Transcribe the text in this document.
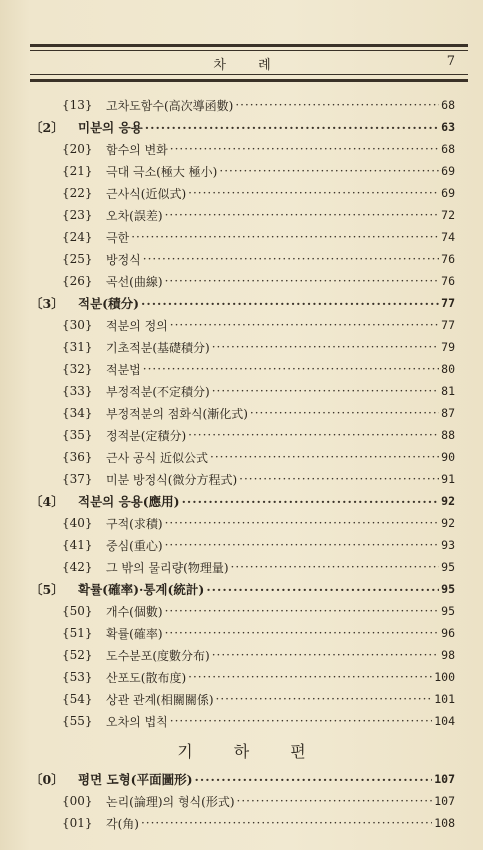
차 례	7
{13}	고차도함수(高次導函數) ·····	68
〔2〕	미분의 응용 ·····	63
{20}	함수의 변화 ·····	68
{21}	극대 극소(極大 極小) ·····	69
{22}	근사식(近似式) ·····	69
{23}	오차(誤差) ·····	72
{24}	극한 ·····	74
{25}	방정식 ·····	76
{26}	곡선(曲線) ·····	76
〔3〕	적분(積分) ·····	77
{30}	적분의 정의 ·····	77
{31}	기초적분(基礎積分) ·····	79
{32}	적분법 ·····	80
{33}	부정적분(不定積分) ·····	81
{34}	부정적분의 점화식(漸化式) ·····	87
{35}	정적분(定積分) ·····	88
{36}	근사 공식 近似公式 ·····	90
{37}	미분 방정식(微分方程式) ·····	91
〔4〕	적분의 응용(應用) ·····	92
{40}	구적(求積) ·····	92
{41}	중심(重心) ·····	93
{42}	그 밖의 물리량(物理量) ·····	95
〔5〕	확률(確率)·통계(統計) ·····	95
{50}	개수(個數) ·····	95
{51}	확률(確率) ·····	96
{52}	도수분포(度數分布) ·····	98
{53}	산포도(散布度) ·····	100
{54}	상관 관계(相關關係) ·····	101
{55}	오차의 법칙 ·····	104
기 하 편
〔0〕	평면 도형(平面圖形) ·····	107
{00}	논리(論理)의 형식(形式) ·····	107
{01}	각(角) ·····	108
